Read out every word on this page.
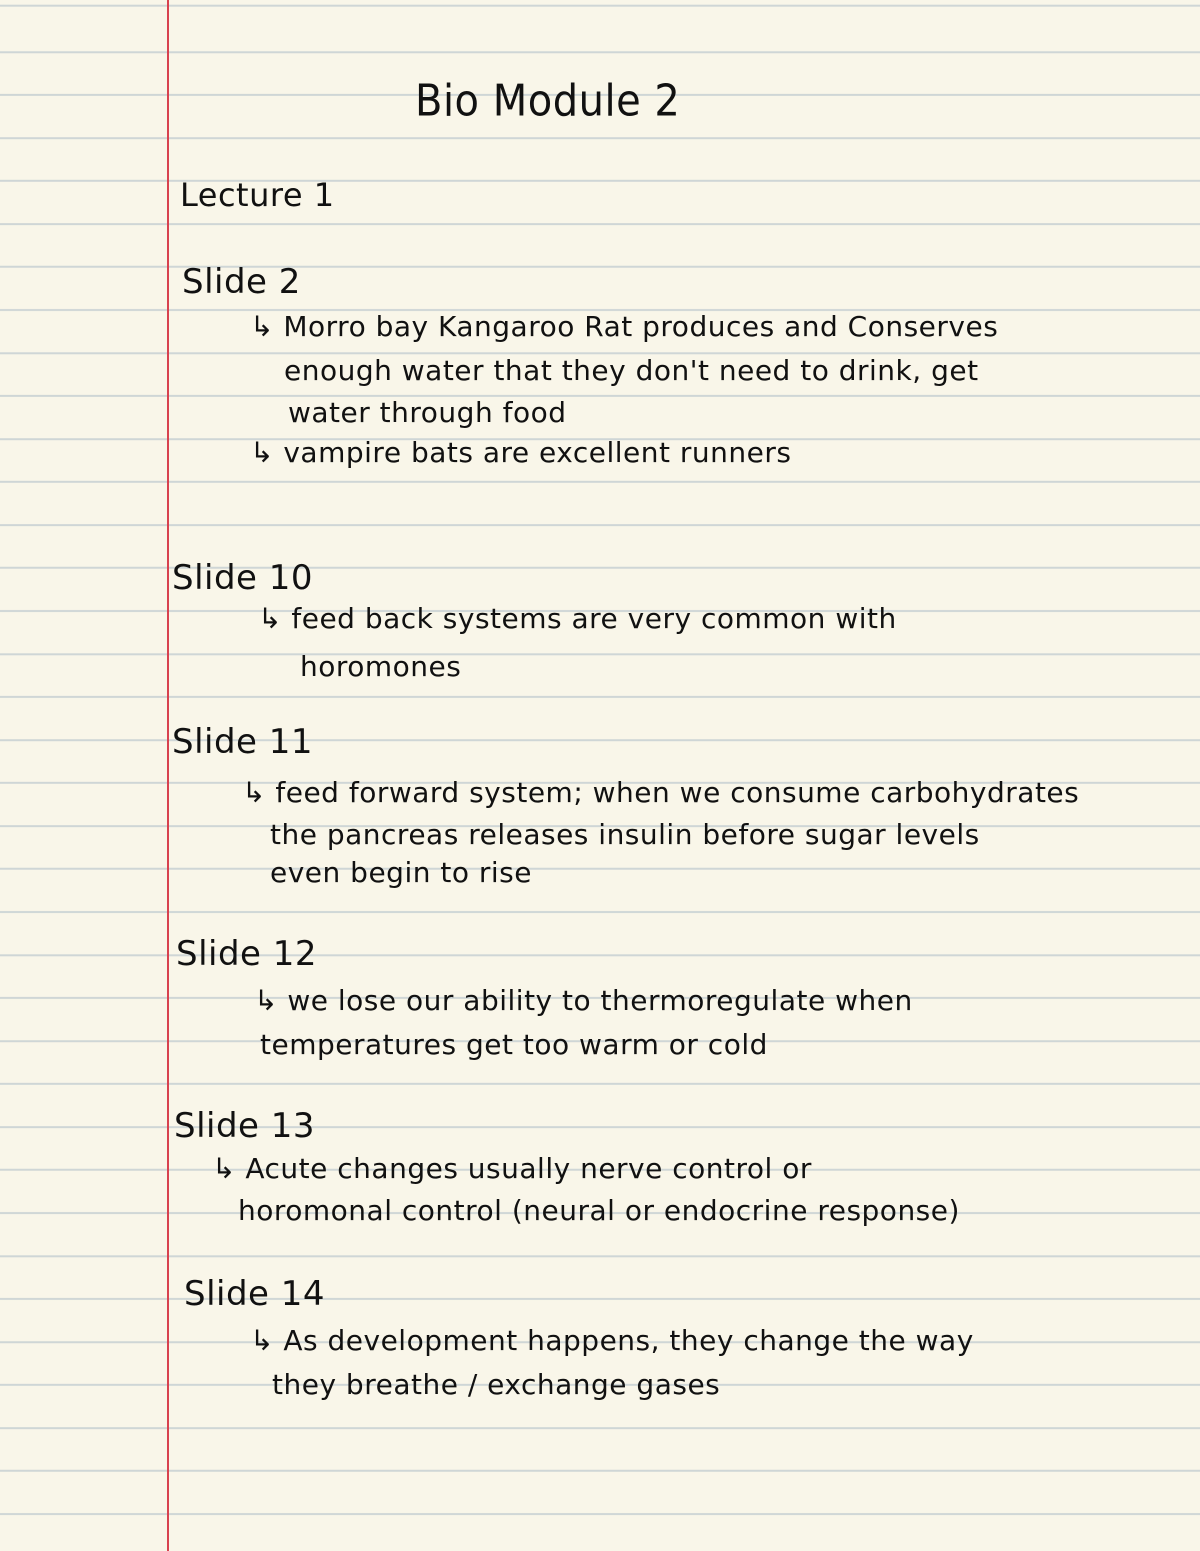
Bio Module 2
Lecture 1
Slide 2
↳ Morro bay Kangaroo Rat produces and Conserves
enough water that they don't need to drink, get
water through food
↳ vampire bats are excellent runners
Slide 10
↳ feed back systems are very common with
horomones
Slide 11
↳ feed forward system; when we consume carbohydrates
the pancreas releases insulin before sugar levels
even begin to rise
Slide 12
↳ we lose our ability to thermoregulate when
temperatures get too warm or cold
Slide 13
↳ Acute changes usually nerve control or
horomonal control (neural or endocrine response)
Slide 14
↳ As development happens, they change the way
they breathe / exchange gases
